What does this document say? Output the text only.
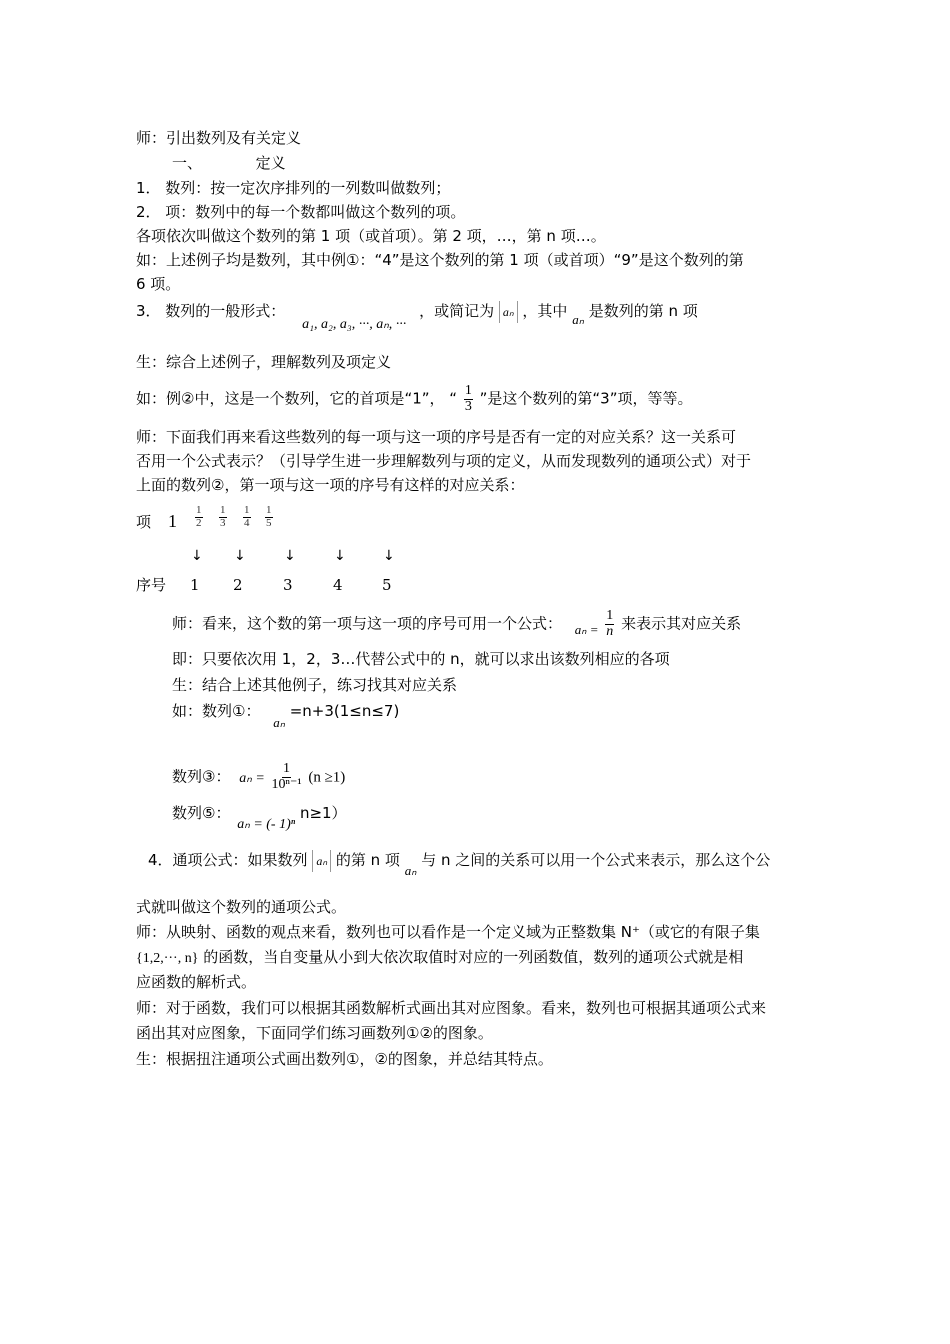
师：引出数列及有关定义
一、	定义
1． 数列：按一定次序排列的一列数叫做数列；
2． 项：数列中的每一个数都叫做这个数列的项。
各项依次叫做这个数列的第 1 项（或首项）。第 2 项，…，第 n 项…。
如：上述例子均是数列，其中例①：“4”是这个数列的第 1 项（或首项）“9”是这个数列的第
6 项。
3． 数列的一般形式： a₁, a₂, a₃, ···, aₙ, ··· ，或简记为 aₙ ，其中 aₙ 是数列的第 n 项
生：综合上述例子，理解数列及项定义
如：例②中，这是一个数列，它的首项是“1”， “ $\frac{1}{3}$ ”是这个数列的第“3”项，等等。
师：下面我们再来看这些数列的每一项与这一项的序号是否有一定的对应关系？这一关系可
否用一个公式表示？（引导学生进一步理解数列与项的定义，从而发现数列的通项公式）对于
上面的数列②，第一项与这一项的序号有这样的对应关系：
项 $1 \frac{1}{2} \frac{1}{3} \frac{1}{4} \frac{1}{5}$
↓ ↓	↓	↓	↓
序号 1 2	3	4	5
师：看来，这个数的第一项与这一项的序号可用一个公式： $a_n = \frac{1}{n}$ 来表示其对应关系
即：只要依次用 1，2，3…代替公式中的 n，就可以求出该数列相应的各项
生：结合上述其他例子，练习找其对应关系
如：数列①： aₙ =n+3(1≤n≤7)
数列③： $a_n = \frac{1}{\text{10ⁿ⁻¹}} (n \ge 1)$
数列⑤： aₙ = (- 1)ⁿ n≥1）
4．通项公式：如果数列 aₙ 的第 n 项 aₙ 与 n 之间的关系可以用一个公式来表示，那么这个公
式就叫做这个数列的通项公式。
师：从映射、函数的观点来看，数列也可以看作是一个定义域为正整数集 N⁺（或它的有限子集
{1,2,···, n} 的函数，当自变量从小到大依次取值时对应的一列函数值，数列的通项公式就是相
应函数的解析式。
师：对于函数，我们可以根据其函数解析式画出其对应图象。看来，数列也可根据其通项公式来
函出其对应图象，下面同学们练习画数列①②的图象。
生：根据扭注通项公式画出数列①，②的图象，并总结其特点。
